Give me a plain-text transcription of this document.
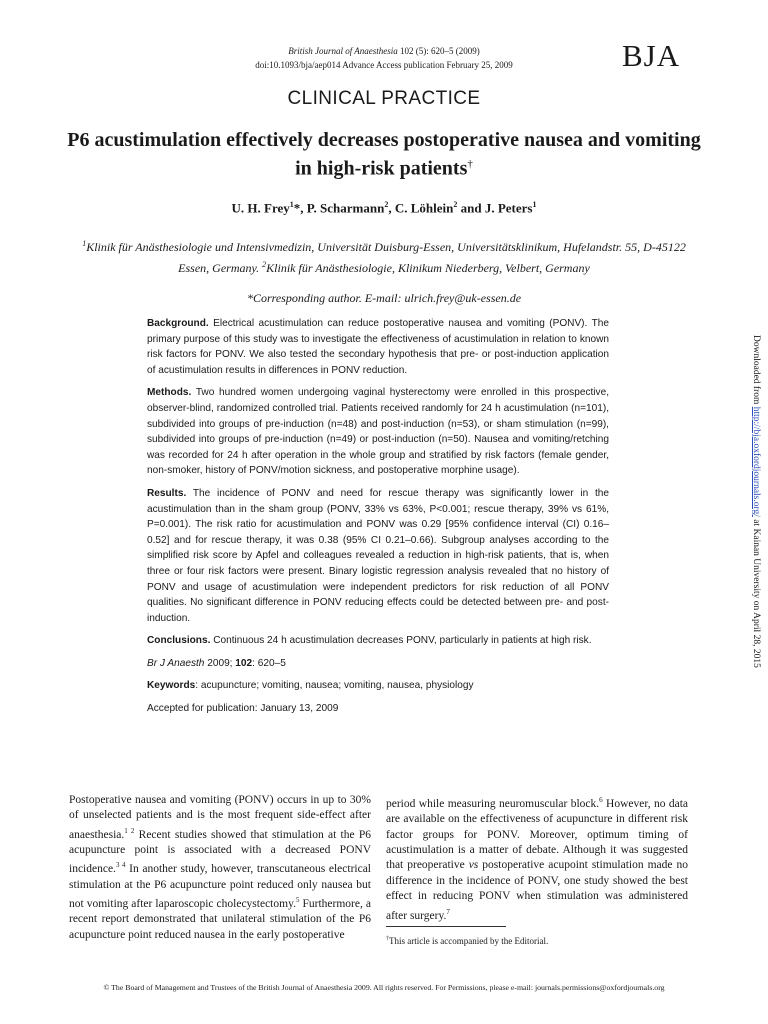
British Journal of Anaesthesia 102 (5): 620–5 (2009)
doi:10.1093/bja/aep014 Advance Access publication February 25, 2009	BJA
CLINICAL PRACTICE
P6 acustimulation effectively decreases postoperative nausea and vomiting in high-risk patients†
U. H. Frey$^1$*, P. Scharmann$^2$, C. Löhlein$^2$ and J. Peters$^1$
$^1$Klinik für Anästhesiologie und Intensivmedizin, Universität Duisburg-Essen, Universitätsklinikum, Hufelandstr. 55, D-45122 Essen, Germany. $^2$Klinik für Anästhesiologie, Klinikum Niederberg, Velbert, Germany
*Corresponding author. E-mail: ulrich.frey@uk-essen.de

Background. Electrical acustimulation can reduce postoperative nausea and vomiting (PONV). The primary purpose of this study was to investigate the effectiveness of acustimulation in relation to known risk factors for PONV. We also tested the secondary hypothesis that pre- or post-induction application of acustimulation results in differences in PONV reduction.

Methods. Two hundred women undergoing vaginal hysterectomy were enrolled in this prospective, observer-blind, randomized controlled trial. Patients received randomly for 24 h acustimulation (n=101), subdivided into groups of pre-induction (n=48) and post-induction (n=53), or sham stimulation (n=99), subdivided into groups of pre-induction (n=49) or post-induction (n=50). Nausea and vomiting/retching was recorded for 24 h after operation in the whole group and stratified by risk factors (female gender, non-smoker, history of PONV/motion sickness, and postoperative morphine usage).

Results. The incidence of PONV and need for rescue therapy was significantly lower in the acustimulation than in the sham group (PONV, 33% vs 63%, P<0.001; rescue therapy, 39% vs 61%, P=0.001). The risk ratio for acustimulation and PONV was 0.29 [95% confidence interval (CI) 0.16–0.52] and for rescue therapy, it was 0.38 (95% CI 0.21–0.66). Subgroup analyses according to the simplified risk score by Apfel and colleagues revealed a reduction in high-risk patients, that is, when three or four risk factors were present. Binary logistic regression analysis revealed that no history of PONV and usage of acustimulation were independent predictors for risk reduction of all PONV qualities. No significant difference in PONV reducing effects could be detected between pre- and post-induction.

Conclusions. Continuous 24 h acustimulation decreases PONV, particularly in patients at high risk.

Br J Anaesth 2009; 102: 620–5

Keywords: acupuncture; vomiting, nausea; vomiting, nausea, physiology

Accepted for publication: January 13, 2009

Downloaded from http://bja.oxfordjournals.org/ at Kainan University on April 28, 2015
Postoperative nausea and vomiting (PONV) occurs in up to 30% of unselected patients and is the most frequent side-effect after anaesthesia.$^{1 2}$ Recent studies showed that stimulation at the P6 acupuncture point is associated with a decreased PONV incidence.$^{3 4}$ In another study, however, transcutaneous electrical stimulation at the P6 acupuncture point reduced only nausea but not vomiting after laparoscopic cholecystectomy.$^5$ Furthermore, a recent report demonstrated that unilateral stimulation of the P6 acupuncture point reduced nausea in the early postoperative
period while measuring neuromuscular block.$^6$ However, no data are available on the effectiveness of acupuncture in different risk factor groups for PONV. Moreover, optimum timing of acustimulation is a matter of debate. Although it was suggested that preoperative vs postoperative acupoint stimulation made no difference in the incidence of PONV, one study showed the best effect in reducing PONV when stimulation was administered after surgery.$^7$
†This article is accompanied by the Editorial.
© The Board of Management and Trustees of the British Journal of Anaesthesia 2009. All rights reserved. For Permissions, please e-mail: journals.permissions@oxfordjournals.org
